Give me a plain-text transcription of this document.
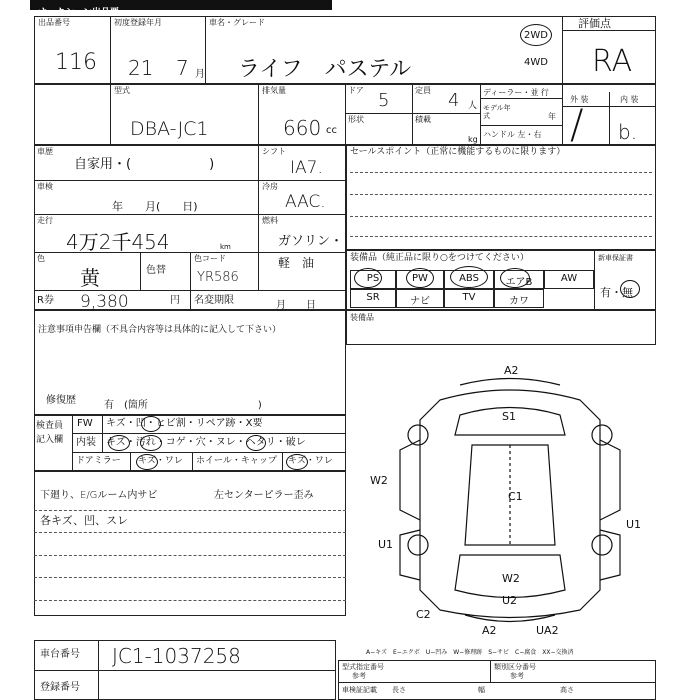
オークション出品票
出品番号
116
初度登録年月
21 7 月
車名・グレード
ライフ　パステル
2WD
4WD
評価点
RA
型式
DBA-JC1
排気量
660 cc
ドア 5	定員 4 人
形状	積載
kg
ディーラー・並 行
モデル年式	年
ハンドル 左・右
外 装	内 装
/ b.
車歴
自家用・(　　　　　　)
シフト
IA7.
車検
年　　月(　　日)
冷房
AAC.
走行
4万2千454	km
燃料
ガソリン・
軽　油
色
黄	色替
色コード
YR586
R券 9,380	円 名変期限	月　　日
セールスポイント（正常に機能するものに限ります）
装備品（純正品に限り○をつけてください）	新車保証書
有・無
PS	PW	ABS	エアB	AW
SR	ナビ	TV	カワ
装備品
注意事項申告欄（不具合内容等は具体的に記入して下さい）
修復歴	有　(箇所　　　　　　　　　　　)
検査員
記入欄
FW キズ・凹・ヒビ割・リペア跡・X要
内装 キズ・汚れ・コゲ・穴・ヌレ・ヘタリ・破レ
ドアミラー キズ・ワレ ホイール・キャップ キズ・ワレ
下廻り、E/Gルーム内サビ	左センターピラー歪み
各キズ、凹、スレ
A2
S1
C1
W2
U1
U1
W2
U2
C2
A2	UA2
車台番号 JC1-1037258
登録番号
A−キズ　E−エクボ　U−凹み　W−修理跡　S−サビ　C−腐食　XX−交換済
型式指定番号
参考
類別区分番号
参考
車検証記載 長さ	幅	高さ
